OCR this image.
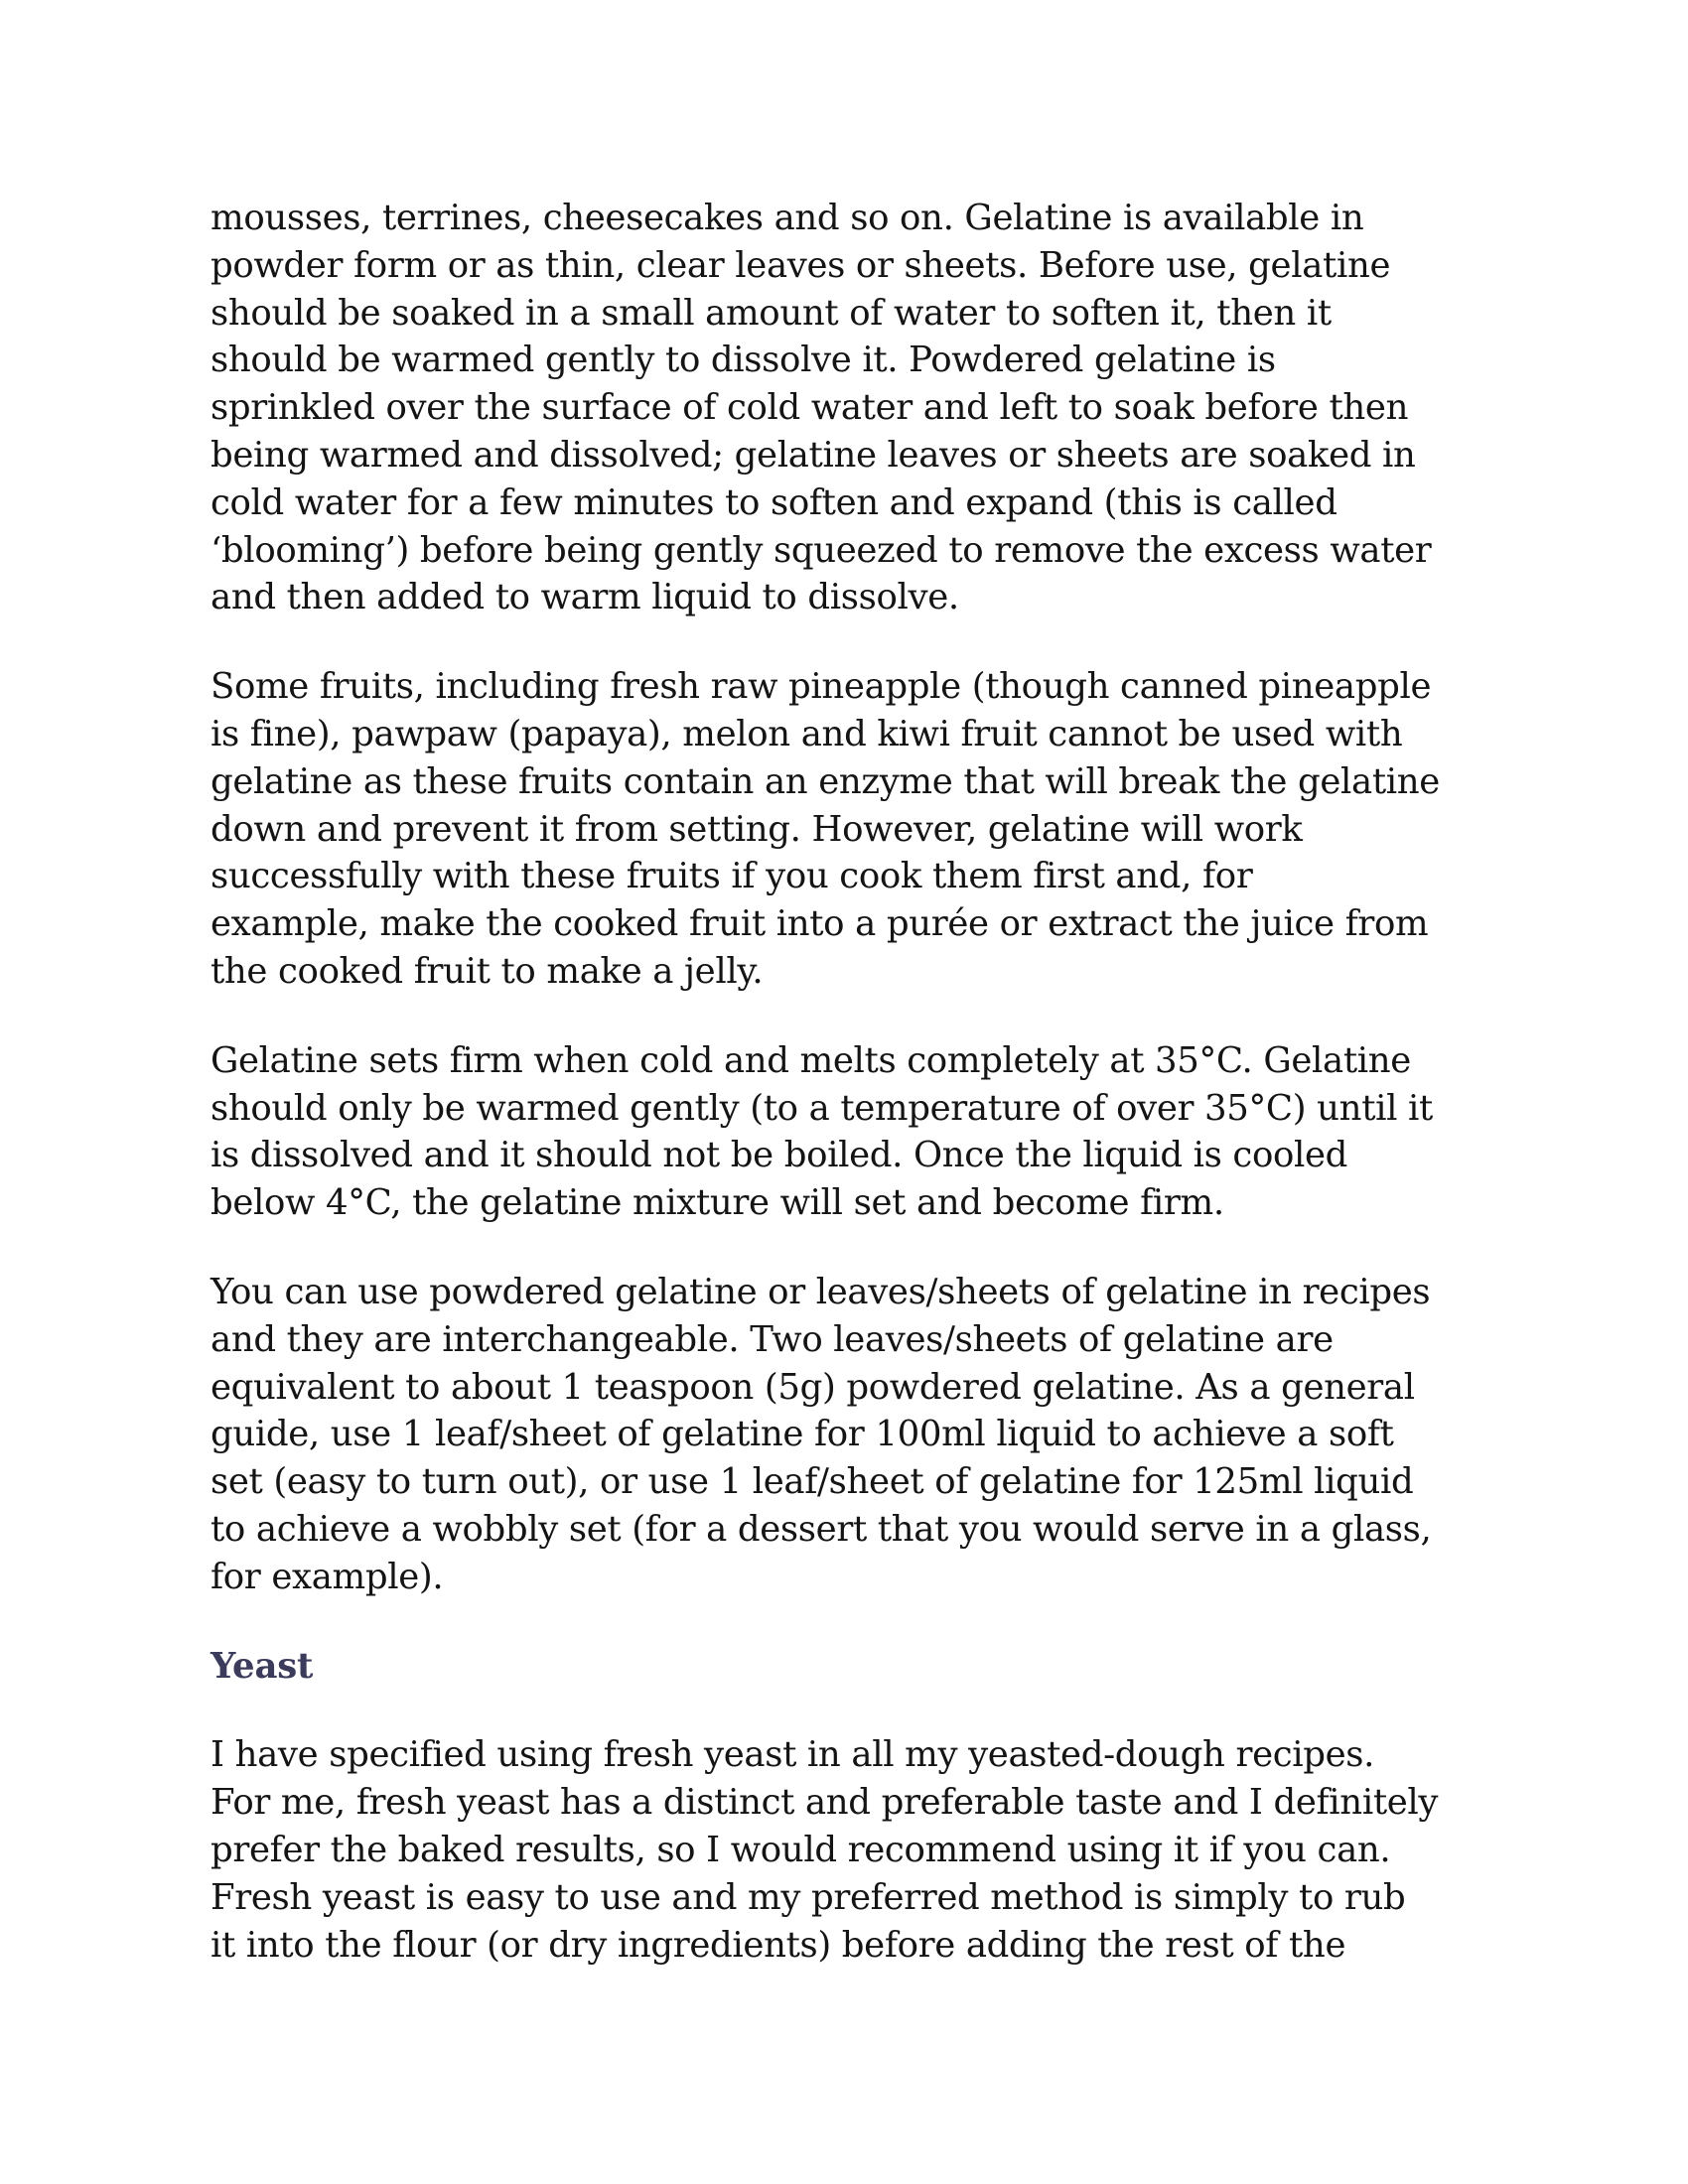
mousses, terrines, cheesecakes and so on. Gelatine is available in
powder form or as thin, clear leaves or sheets. Before use, gelatine
should be soaked in a small amount of water to soften it, then it
should be warmed gently to dissolve it. Powdered gelatine is
sprinkled over the surface of cold water and left to soak before then
being warmed and dissolved; gelatine leaves or sheets are soaked in
cold water for a few minutes to soften and expand (this is called
‘blooming’) before being gently squeezed to remove the excess water
and then added to warm liquid to dissolve.

Some fruits, including fresh raw pineapple (though canned pineapple
is fine), pawpaw (papaya), melon and kiwi fruit cannot be used with
gelatine as these fruits contain an enzyme that will break the gelatine
down and prevent it from setting. However, gelatine will work
successfully with these fruits if you cook them first and, for
example, make the cooked fruit into a purée or extract the juice from
the cooked fruit to make a jelly.

Gelatine sets firm when cold and melts completely at 35°C. Gelatine
should only be warmed gently (to a temperature of over 35°C) until it
is dissolved and it should not be boiled. Once the liquid is cooled
below 4°C, the gelatine mixture will set and become firm.

You can use powdered gelatine or leaves/sheets of gelatine in recipes
and they are interchangeable. Two leaves/sheets of gelatine are
equivalent to about 1 teaspoon (5g) powdered gelatine. As a general
guide, use 1 leaf/sheet of gelatine for 100ml liquid to achieve a soft
set (easy to turn out), or use 1 leaf/sheet of gelatine for 125ml liquid
to achieve a wobbly set (for a dessert that you would serve in a glass,
for example).

Yeast

I have specified using fresh yeast in all my yeasted-dough recipes.
For me, fresh yeast has a distinct and preferable taste and I definitely
prefer the baked results, so I would recommend using it if you can.
Fresh yeast is easy to use and my preferred method is simply to rub
it into the flour (or dry ingredients) before adding the rest of the
